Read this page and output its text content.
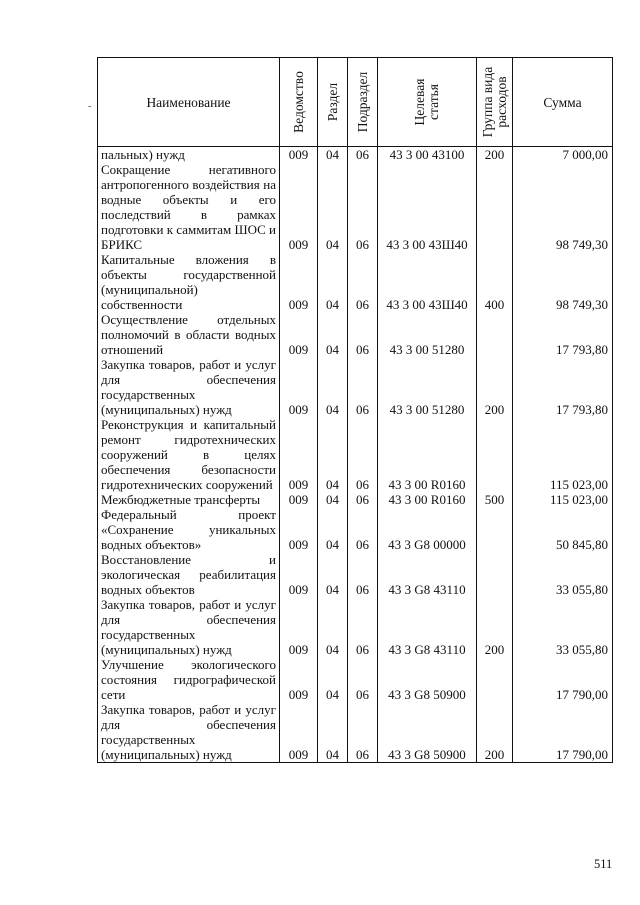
-	Наименование	Ведомство	Раздел	Подраздел	Целевая
статья	Группа вида
расходов	Сумма
пальных) нужд	009	04	06	43 3 00 43100	200	7 000,00
Сокращение негативного антропогенного воздействия на водные объекты и его последствий в рамках подготовки к саммитам ШОС и БРИКС	009	04	06	43 3 00 43Ш40		98 749,30
Капитальные вложения в объекты государственной (муниципальной) собственности	009	04	06	43 3 00 43Ш40	400	98 749,30
Осуществление отдельных полномочий в области водных отношений	009	04	06	43 3 00 51280		17 793,80
Закупка товаров, работ и услуг для обеспечения государственных (муниципальных) нужд	009	04	06	43 3 00 51280	200	17 793,80
Реконструкция и капитальный ремонт гидротехнических сооружений в целях обеспечения безопасности гидротехнических сооружений	009	04	06	43 3 00 R0160		115 023,00
Межбюджетные трансферты	009	04	06	43 3 00 R0160	500	115 023,00
Федеральный проект «Сохранение уникальных водных объектов»	009	04	06	43 3 G8 00000		50 845,80
Восстановление и экологическая реабилитация водных объектов	009	04	06	43 3 G8 43110		33 055,80
Закупка товаров, работ и услуг для обеспечения государственных (муниципальных) нужд	009	04	06	43 3 G8 43110	200	33 055,80
Улучшение экологического состояния гидрографической сети	009	04	06	43 3 G8 50900		17 790,00
Закупка товаров, работ и услуг для обеспечения государственных (муниципальных) нужд	009	04	06	43 3 G8 50900	200	17 790,00
511
